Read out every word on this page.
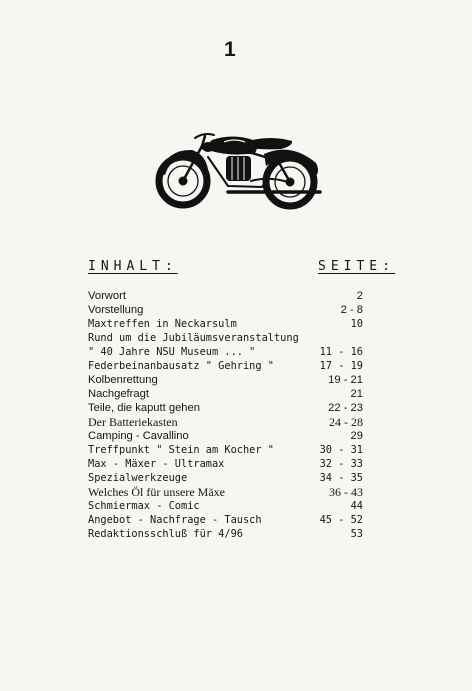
1
INHALT:	SEITE:
Vorwort	2
Vorstellung	2 - 8
Maxtreffen in Neckarsulm	10
Rund um die Jubiläumsveranstaltung
" 40 Jahre NSU Museum ... "	11 - 16
Federbeinanbausatz " Gehring "	17 - 19
Kolbenrettung	19 - 21
Nachgefragt	21
Teile, die kaputt gehen	22 - 23
Der Batteriekasten	24 - 28
Camping - Cavallino	29
Treffpunkt " Stein am Kocher "	30 - 31
Max - Mäxer - Ultramax	32 - 33
Spezialwerkzeuge	34 - 35
Welches Öl für unsere Mäxe	36 - 43
Schmiermax - Comic	44
Angebot - Nachfrage - Tausch	45 - 52
Redaktionsschluß für 4/96	53
